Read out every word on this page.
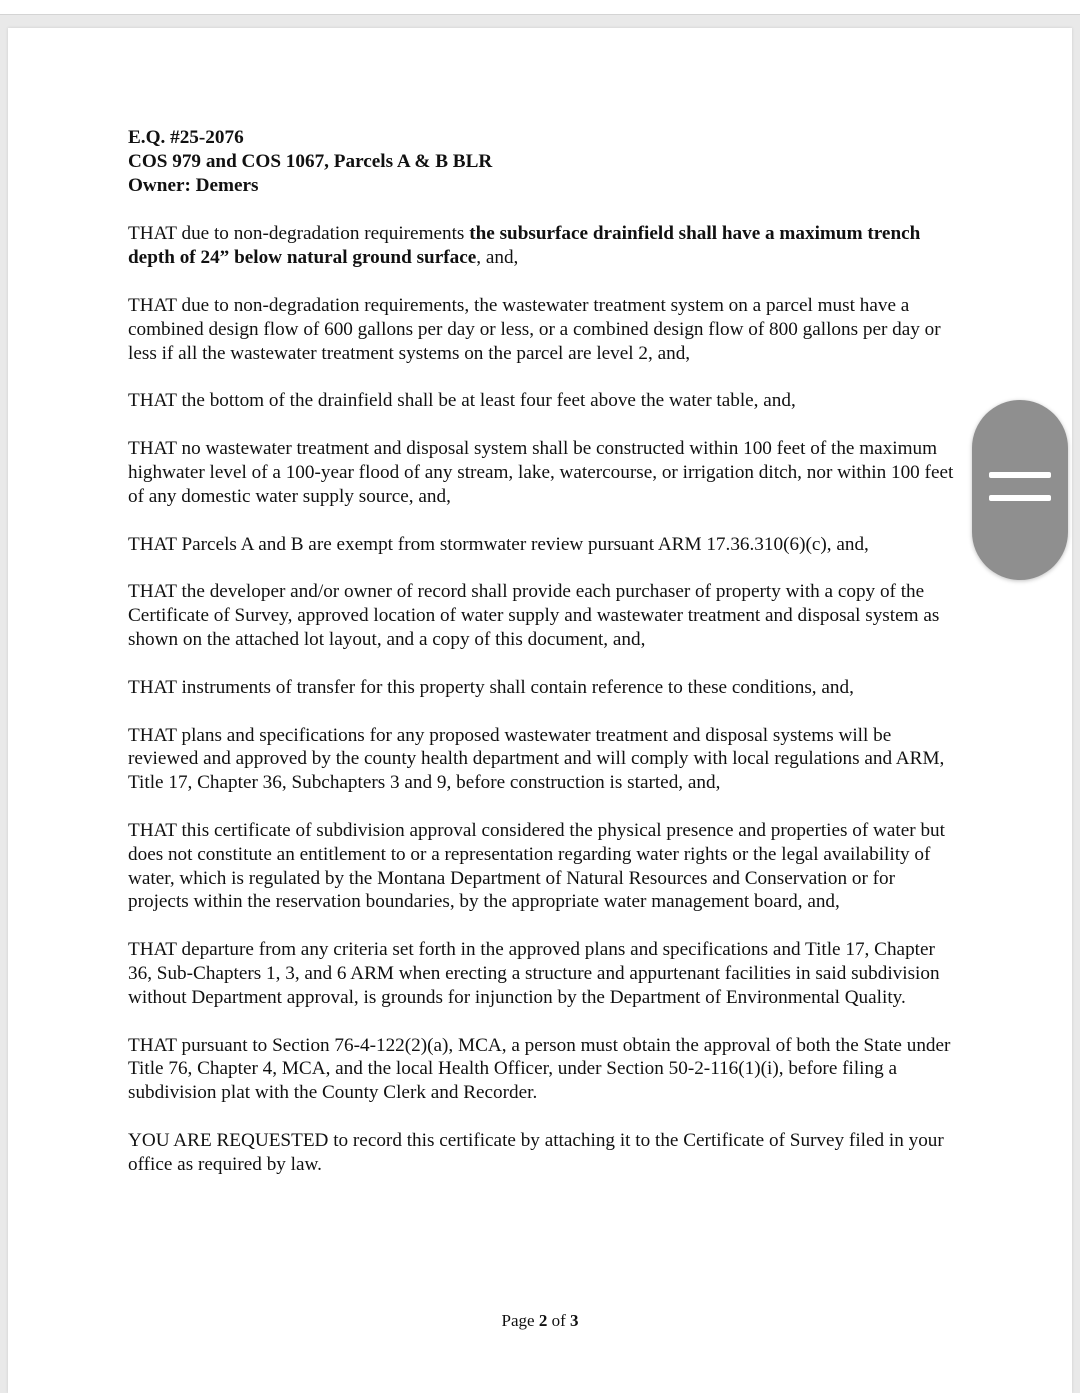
E.Q. #25-2076
COS 979 and COS 1067, Parcels A & B BLR
Owner: Demers

THAT due to non-degradation requirements the subsurface drainfield shall have a maximum trench depth of 24” below natural ground surface, and,

THAT due to non-degradation requirements, the wastewater treatment system on a parcel must have a combined design flow of 600 gallons per day or less, or a combined design flow of 800 gallons per day or less if all the wastewater treatment systems on the parcel are level 2, and,

THAT the bottom of the drainfield shall be at least four feet above the water table, and,

THAT no wastewater treatment and disposal system shall be constructed within 100 feet of the maximum highwater level of a 100-year flood of any stream, lake, watercourse, or irrigation ditch, nor within 100 feet of any domestic water supply source, and,

THAT Parcels A and B are exempt from stormwater review pursuant ARM 17.36.310(6)(c), and,

THAT the developer and/or owner of record shall provide each purchaser of property with a copy of the Certificate of Survey, approved location of water supply and wastewater treatment and disposal system as shown on the attached lot layout, and a copy of this document, and,

THAT instruments of transfer for this property shall contain reference to these conditions, and,

THAT plans and specifications for any proposed wastewater treatment and disposal systems will be reviewed and approved by the county health department and will comply with local regulations and ARM, Title 17, Chapter 36, Subchapters 3 and 9, before construction is started, and,

THAT this certificate of subdivision approval considered the physical presence and properties of water but does not constitute an entitlement to or a representation regarding water rights or the legal availability of water, which is regulated by the Montana Department of Natural Resources and Conservation or for projects within the reservation boundaries, by the appropriate water management board, and,

THAT departure from any criteria set forth in the approved plans and specifications and Title 17, Chapter 36, Sub-Chapters 1, 3, and 6 ARM when erecting a structure and appurtenant facilities in said subdivision without Department approval, is grounds for injunction by the Department of Environmental Quality.

THAT pursuant to Section 76-4-122(2)(a), MCA, a person must obtain the approval of both the State under Title 76, Chapter 4, MCA, and the local Health Officer, under Section 50-2-116(1)(i), before filing a subdivision plat with the County Clerk and Recorder.

YOU ARE REQUESTED to record this certificate by attaching it to the Certificate of Survey filed in your office as required by law.

Page 2 of 3
